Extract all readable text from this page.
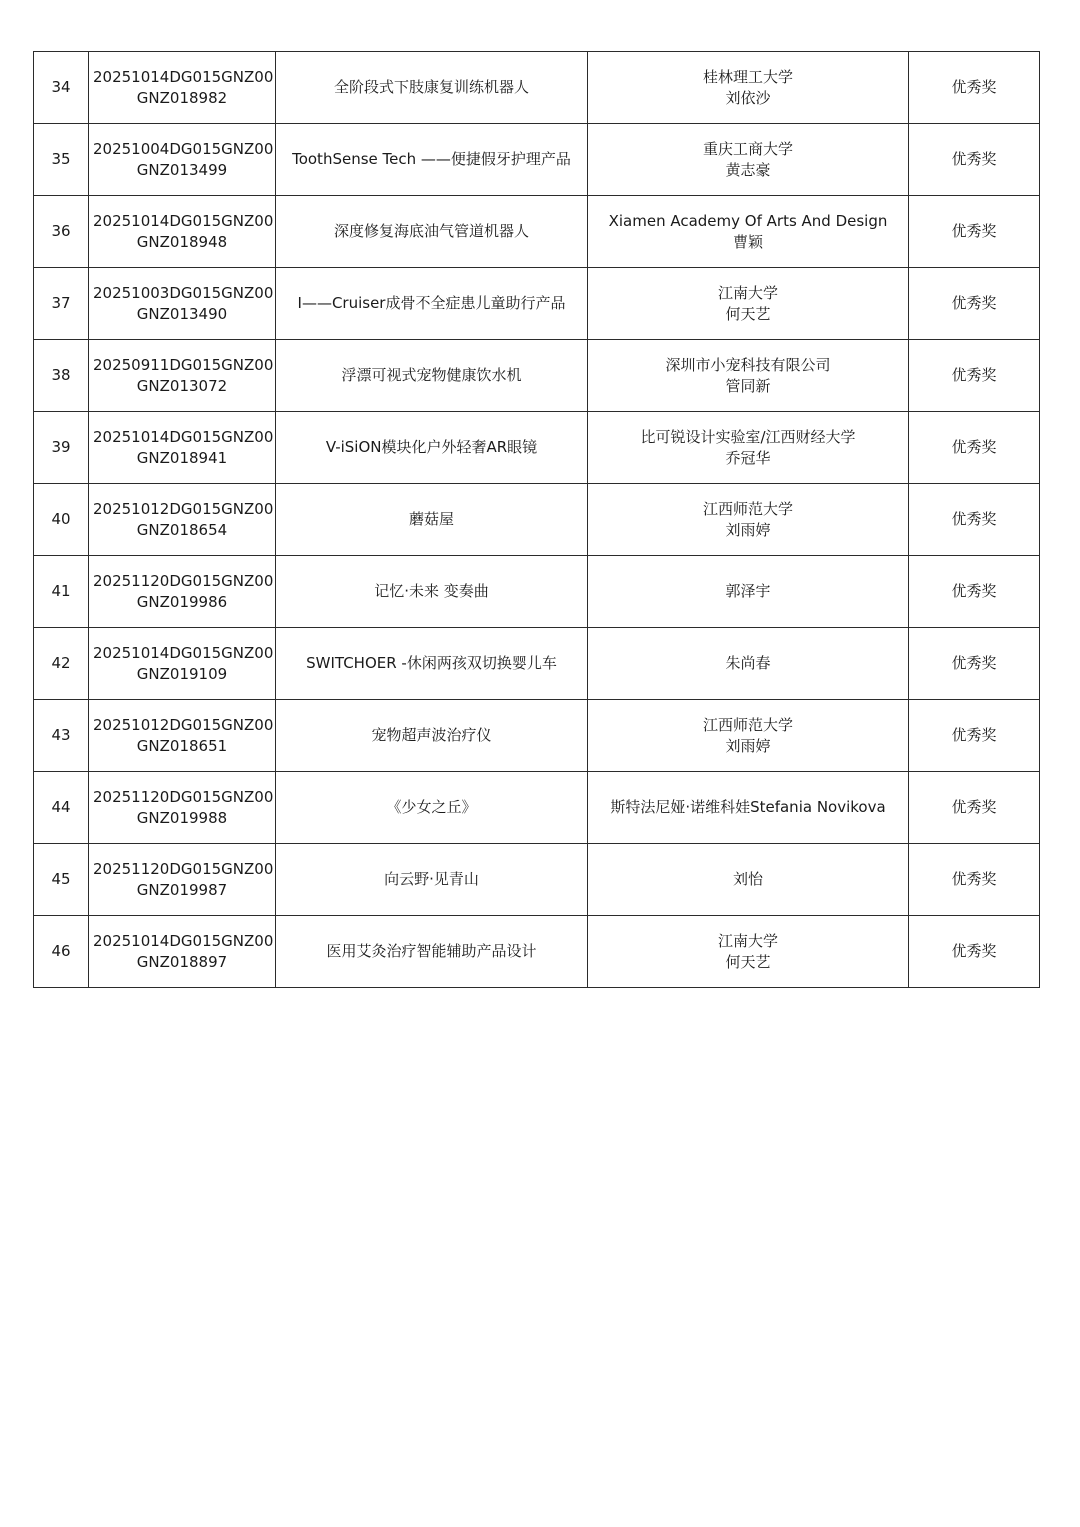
34	20251014DG015GNZ00
GNZ018982	全阶段式下肢康复训练机器人	桂林理工大学
刘依沙	优秀奖
35	20251004DG015GNZ00
GNZ013499	ToothSense Tech ——便捷假牙护理产品	重庆工商大学
黄志豪	优秀奖
36	20251014DG015GNZ00
GNZ018948	深度修复海底油气管道机器人	Xiamen Academy Of Arts And Design
曹颖	优秀奖
37	20251003DG015GNZ00
GNZ013490	I——Cruiser成骨不全症患儿童助行产品	江南大学
何天艺	优秀奖
38	20250911DG015GNZ00
GNZ013072	浮漂可视式宠物健康饮水机	深圳市小宠科技有限公司
管同新	优秀奖
39	20251014DG015GNZ00
GNZ018941	V-iSiON模块化户外轻奢AR眼镜	比可锐设计实验室/江西财经大学
乔冠华	优秀奖
40	20251012DG015GNZ00
GNZ018654	蘑菇屋	江西师范大学
刘雨婷	优秀奖
41	20251120DG015GNZ00
GNZ019986	记忆·未来 变奏曲	郭泽宇	优秀奖
42	20251014DG015GNZ00
GNZ019109	SWITCHOER -休闲两孩双切换婴儿车	朱尚春	优秀奖
43	20251012DG015GNZ00
GNZ018651	宠物超声波治疗仪	江西师范大学
刘雨婷	优秀奖
44	20251120DG015GNZ00
GNZ019988	《少女之丘》	斯特法尼娅·诺维科娃Stefania Novikova	优秀奖
45	20251120DG015GNZ00
GNZ019987	向云野·见青山	刘怡	优秀奖
46	20251014DG015GNZ00
GNZ018897	医用艾灸治疗智能辅助产品设计	江南大学
何天艺	优秀奖
